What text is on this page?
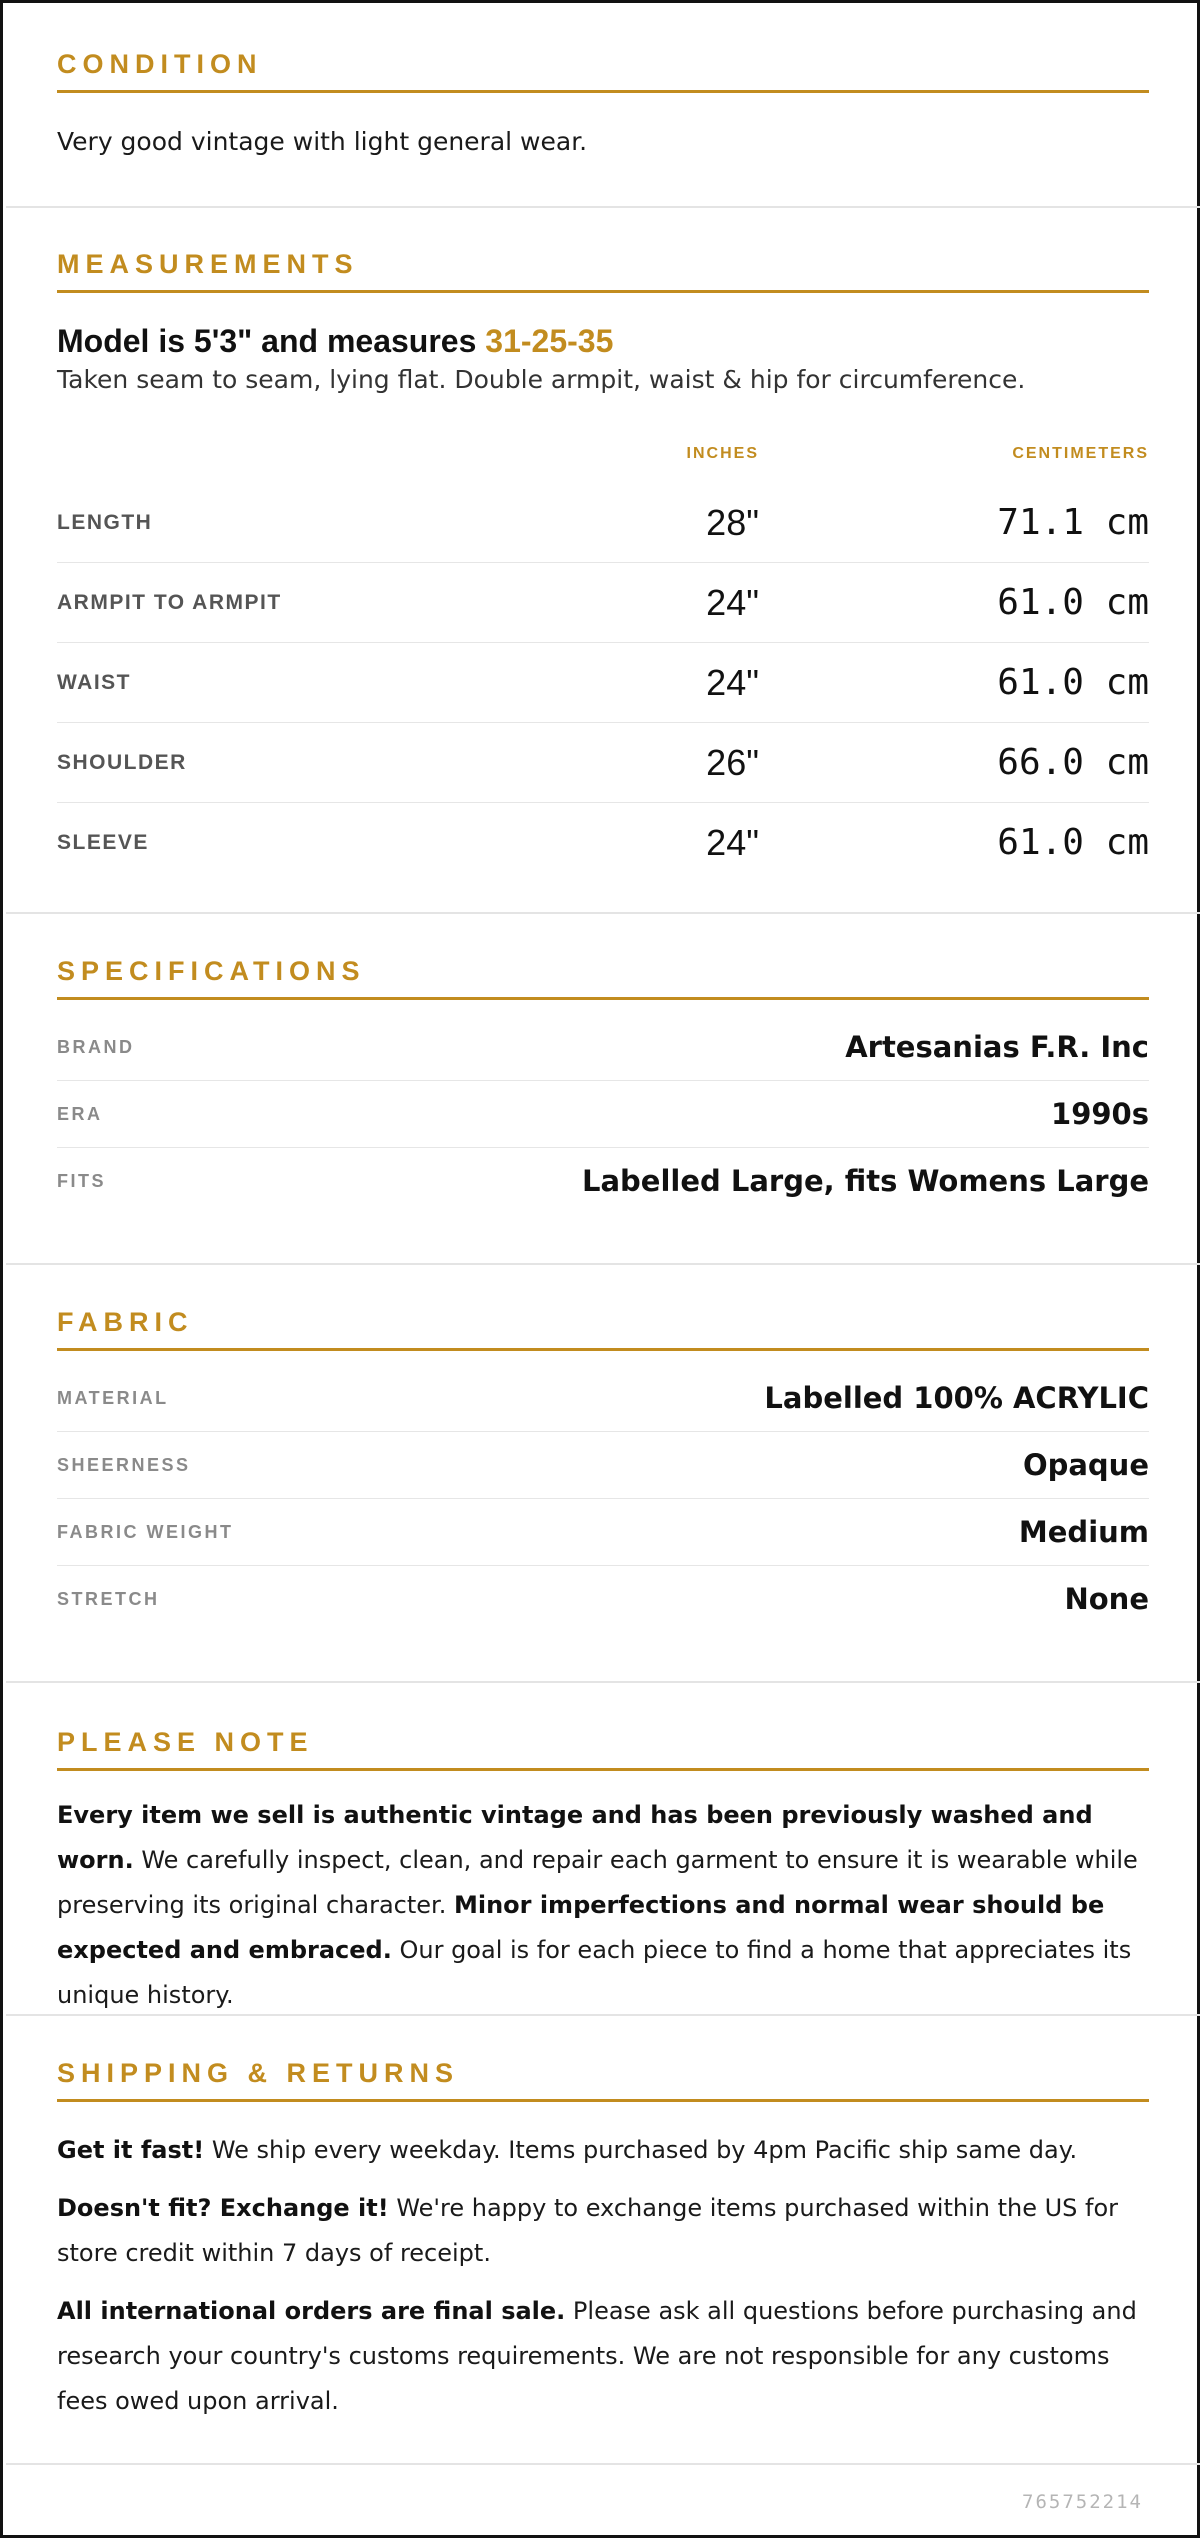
CONDITION
Very good vintage with light general wear.
MEASUREMENTS
Model is 5'3" and measures 31-25-35
Taken seam to seam, lying flat. Double armpit, waist & hip for circumference.
INCHES	CENTIMETERS
LENGTH	28"	71.1 cm
ARMPIT TO ARMPIT	24"	61.0 cm
WAIST	24"	61.0 cm
SHOULDER	26"	66.0 cm
SLEEVE	24"	61.0 cm
SPECIFICATIONS
BRAND	Artesanias F.R. Inc
ERA	1990s
FITS	Labelled Large, fits Womens Large
FABRIC
MATERIAL	Labelled 100% ACRYLIC
SHEERNESS	Opaque
FABRIC WEIGHT	Medium
STRETCH	None
PLEASE NOTE
Every item we sell is authentic vintage and has been previously washed and worn. We carefully inspect, clean, and repair each garment to ensure it is wearable while preserving its original character. Minor imperfections and normal wear should be expected and embraced. Our goal is for each piece to find a home that appreciates its unique history.
SHIPPING & RETURNS
Get it fast! We ship every weekday. Items purchased by 4pm Pacific ship same day.
Doesn't fit? Exchange it! We're happy to exchange items purchased within the US for store credit within 7 days of receipt.
All international orders are final sale. Please ask all questions before purchasing and research your country's customs requirements. We are not responsible for any customs fees owed upon arrival.
765752214
